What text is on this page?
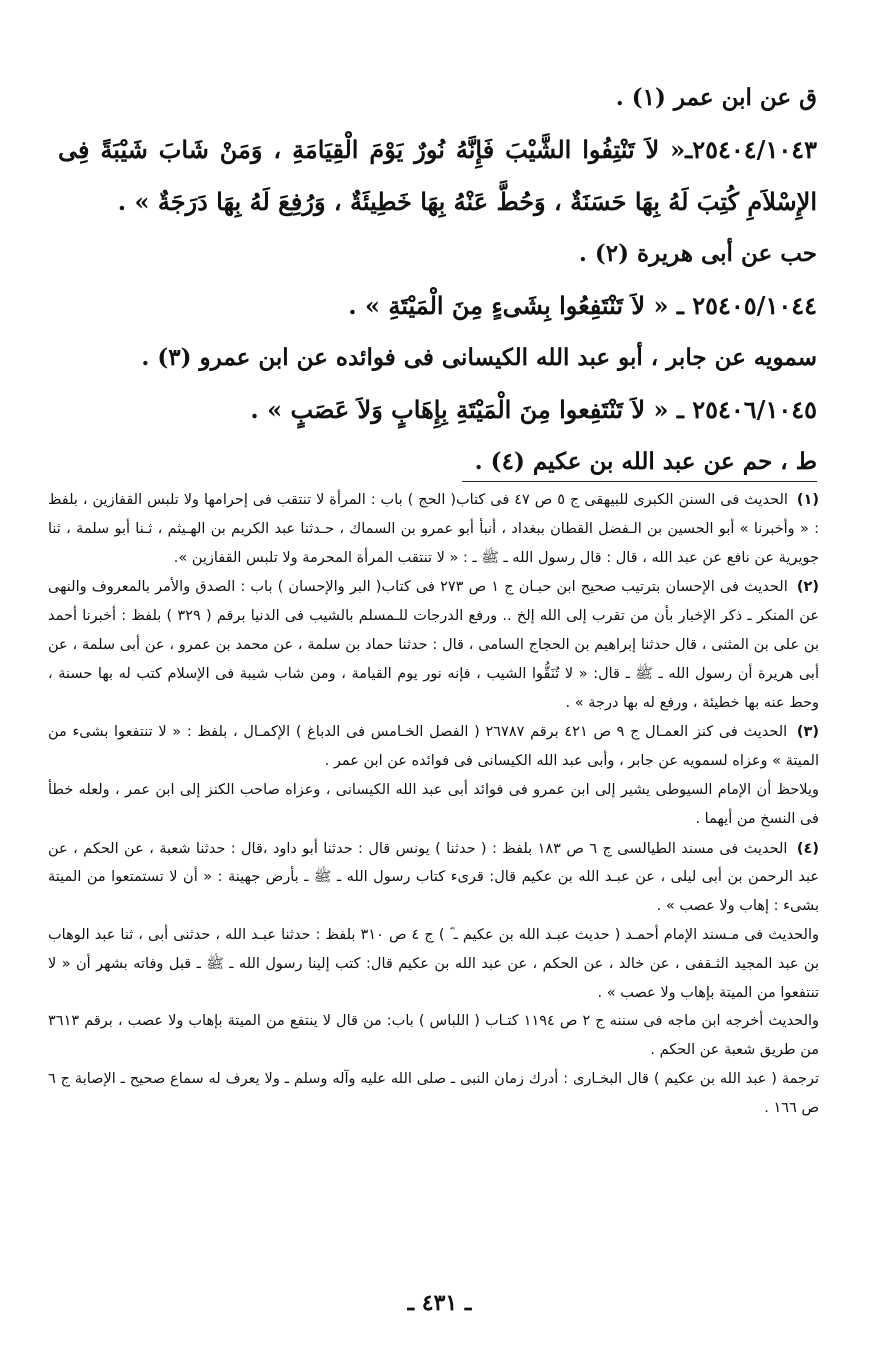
ق عن ابن عمر (١) .

٢٥٤٠٤/١٠٤٣ـ« لاَ تَنْتِفُوا الشَّيْبَ فَإِنَّهُ نُورٌ يَوْمَ الْقِيَامَةِ ، وَمَنْ شَابَ شَيْبَةً فِى الإِسْلاَمِ كُتِبَ لَهُ بِهَا حَسَنَةٌ ، وَحُطَّ عَنْهُ بِهَا خَطِيئَةٌ ، وَرُفِعَ لَهُ بِهَا دَرَجَةٌ » .

حب عن أبى هريرة (٢) .

٢٥٤٠٥/١٠٤٤ ـ « لاَ تَنْتَفِعُوا بِشَىءٍ مِنَ الْمَيْتَةِ » .

سمويه عن جابر ، أبو عبد الله الكيسانى فى فوائده عن ابن عمرو (٣) .

٢٥٤٠٦/١٠٤٥ ـ « لاَ تَنْتَفِعوا مِنَ الْمَيْتَةِ بِإِهَابٍ وَلاَ عَصَبٍ » .

ط ، حم عن عبد الله بن عكيم (٤) .

(١) الحديث فى السنن الكبرى للبيهقى ج ٥ ص ٤٧ فى كتاب( الحج ) باب : المرأة لا تنتقب فى إحرامها ولا تلبس القفازين ، بلفظ : « وأخبرنا » أبو الحسين بن الـفضل القطان ببغداد ، أنبأ أبو عمرو بن السماك ، حـدثنا عبد الكريم بن الهـيثم ، ثـنا أبو سلمة ، ثنا جويرية عن نافع عن عبد الله ، قال : قال رسول الله ـ ﷺ ـ : « لا تنتقب المرأة المحرمة ولا تلبس القفازين ».
(٢) الحديث فى الإحسان بترتيب صحيح ابن حبـان ج ١ ص ٢٧٣ فى كتاب( البر والإحسان ) باب : الصدق والأمر بالمعروف والنهى عن المنكر ـ ذكر الإخبار بأن من تقرب إلى الله إلخ .. ورفع الدرجات للـمسلم بالشيب فى الدنيا برقم ( ٣٢٩ ) بلفظ : أخبرنا أحمد بن على بن المثنى ، قال حدثنا إبراهيم بن الحجاج السامى ، قال : حدثنا حماد بن سلمة ، عن محمد بن عمرو ، عن أبى سلمة ، عن أبى هريرة أن رسول الله ـ ﷺ ـ قال: « لا تُنَقُّوا الشيب ، فإنه نور يوم القيامة ، ومن شاب شيبة فى الإسلام كتب له بها حسنة ، وحط عنه بها خطيئة ، ورفع له بها درجة » .
(٣) الحديث فى كنز العمـال ج ٩ ص ٤٢١ برقم ٢٦٧٨٧ ( الفصل الخـامس فى الدباغ ) الإكمـال ، بلفظ : « لا تنتفعوا بشىء من الميتة » وعزاه لسمويه عن جابر ، وأبى عبد الله الكيسانى فى فوائده عن ابن عمر .

ويلاحظ أن الإمام السيوطى يشير إلى ابن عمرو فى فوائد أبى عبد الله الكيسانى ، وعزاه صاحب الكنز إلى ابن عمر ، ولعله خطأ فى النسخ من أيهما .

(٤) الحديث فى مسند الطيالسى ج ٦ ص ١٨٣ بلفظ : ( حدثنا ) يونس قال : حدثنا أبو داود ،قال : حدثنا شعبة ، عن الحكم ، عن عبد الرحمن بن أبى ليلى ، عن عبـد الله بن عكيم قال: قرىء كتاب رسول الله ـ ﷺ ـ بأرض جهينة : « أن لا تستمتعوا من الميتة بشىء : إهاب ولا عصب » .

والحديث فى مـسند الإمام أحمـد ( حديث عبـد الله بن عكيم ـ ؓ ) ج ٤ ص ٣١٠ بلفظ : حدثنا عبـد الله ، حدثنى أبى ، ثنا عبد الوهاب بن عبد المجيد الثـقفى ، عن خالد ، عن الحكم ، عن عبد الله بن عكيم قال: كتب إلينا رسول الله ـ ﷺ ـ قبل وفاته بشهر أن « لا تنتفعوا من الميتة بإهاب ولا عصب » .

والحديث أخرجه ابن ماجه فى سننه ج ٢ ص ١١٩٤ كتـاب ( اللباس ) باب: من قال لا ينتفع من الميتة بإهاب ولا عصب ، برقم ٣٦١٣ من طريق شعبة عن الحكم .

ترجمة ( عبد الله بن عكيم ) قال البخـارى : أدرك زمان النبى ـ صلى الله عليه وآله وسلم ـ ولا يعرف له سماع صحيح ـ الإصابة ج ٦ ص ١٦٦ .

ـ ٤٣١ ـ
